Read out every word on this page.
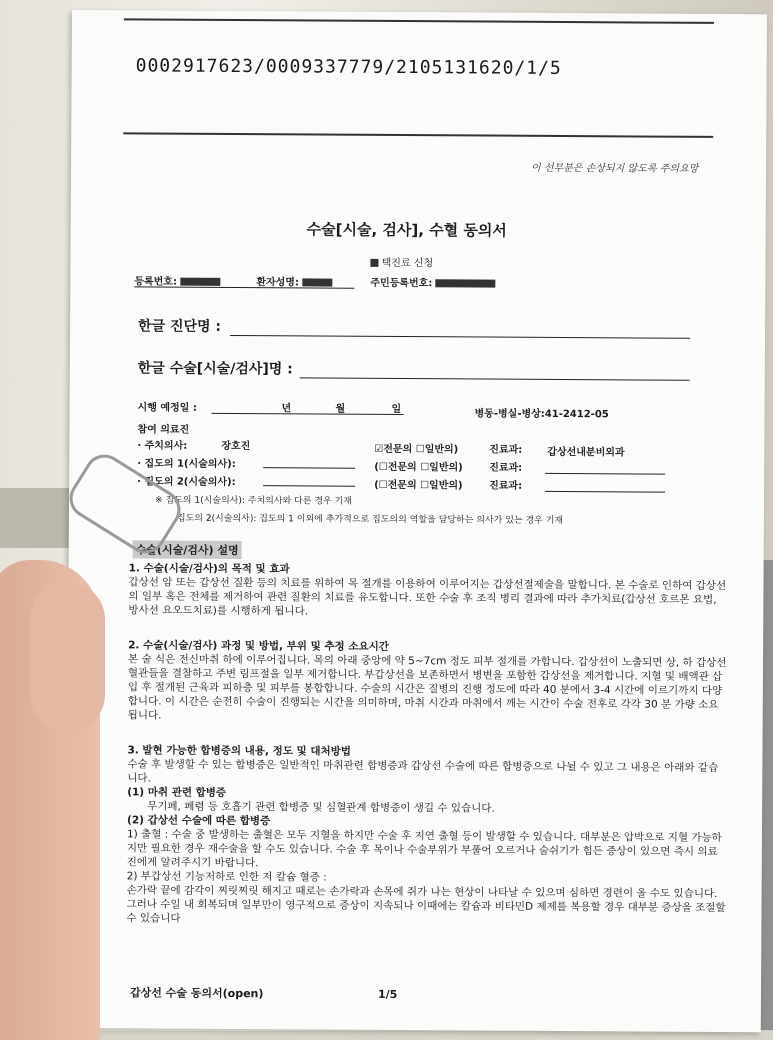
0002917623/0009337779/2105131620/1/5
이 선부분은 손상되지 않도록 주의요망
수술[시술, 검사], 수혈 동의서
택진료 신청
등록번호:	환자성명:	주민등록번호:
한글 진단명 :
한글 수술[시술/검사]명 :
시행 예정일 :	년	월	일	병동-병실-병상:41-2412-05
참여 의료진
· 주치의사:	장호진	☑전문의 ☐일반의)	진료과: 갑상선내분비외과
· 집도의 1(시술의사):	(☐전문의 ☐일반의)	진료과:
· 집도의 2(시술의사):	(☐전문의 ☐일반의)	진료과:
※ 집도의 1(시술의사): 주치의사와 다른 경우 기재
집도의 2(시술의사): 집도의 1 이외에 추가적으로 집도의의 역할을 담당하는 의사가 있는 경우 기재
수술(시술/검사) 설명

1. 수술(시술/검사)의 목적 및 효과

갑상선 암 또는 갑상선 질환 등의 치료를 위하여 목 절개를 이용하여 이루어지는 갑상선절제술을 말합니다. 본 수술로 인하여 갑상선의 일부 혹은 전체를 제거하여 관련 질환의 치료를 유도합니다. 또한 수술 후 조직 병리 결과에 따라 추가치료(갑상선 호르몬 요법, 방사선 요오드치료)를 시행하게 됩니다.

2. 수술(시술/검사) 과정 및 방법, 부위 및 추정 소요시간

본 술 식은 전신마취 하에 이루어집니다. 목의 아래 중앙에 약 5~7cm 정도 피부 절개를 가합니다. 갑상선이 노출되면 상, 하 갑상선 혈관들을 결찰하고 주변 림프절을 일부 제거합니다. 부갑상선을 보존하면서 병변을 포함한 갑상선을 제거합니다. 지혈 및 배액관 삽입 후 절개된 근육과 피하층 및 피부를 봉합합니다. 수술의 시간은 질병의 진행 정도에 따라 40 분에서 3-4 시간에 이르기까지 다양합니다. 이 시간은 순전히 수술이 진행되는 시간을 의미하며, 마취 시간과 마취에서 깨는 시간이 수술 전후로 각각 30 분 가량 소요됩니다.

3. 발현 가능한 합병증의 내용, 정도 및 대처방법

수술 후 발생할 수 있는 합병증은 일반적인 마취관련 합병증과 갑상선 수술에 따른 합병증으로 나뉠 수 있고 그 내용은 아래와 같습니다.

(1) 마취 관련 합병증

무기폐, 폐렴 등 호흡기 관련 합병증 및 심혈관계 합병증이 생길 수 있습니다.

(2) 갑상선 수술에 따른 합병증

1) 출혈 : 수술 중 발생하는 출혈은 모두 지혈을 하지만 수술 후 지연 출혈 등이 발생할 수 있습니다. 대부분은 압박으로 지혈 가능하지만 필요한 경우 재수술을 할 수도 있습니다. 수술 후 목이나 수술부위가 부풀어 오르거나 숨쉬기가 힘든 증상이 있으면 즉시 의료진에게 알려주시기 바랍니다.

2) 부갑상선 기능저하로 인한 저 칼슘 혈증 :

손가락 끝에 감각이 찌릿찌릿 해지고 때로는 손가락과 손목에 쥐가 나는 현상이 나타날 수 있으며 심하면 경련이 올 수도 있습니다. 그러나 수일 내 회복되며 일부만이 영구적으로 증상이 지속되나 이때에는 칼슘과 비타민D 제제를 복용할 경우 대부분 증상을 조절할 수 있습니다

갑상선 수술 동의서(open)	1/5
